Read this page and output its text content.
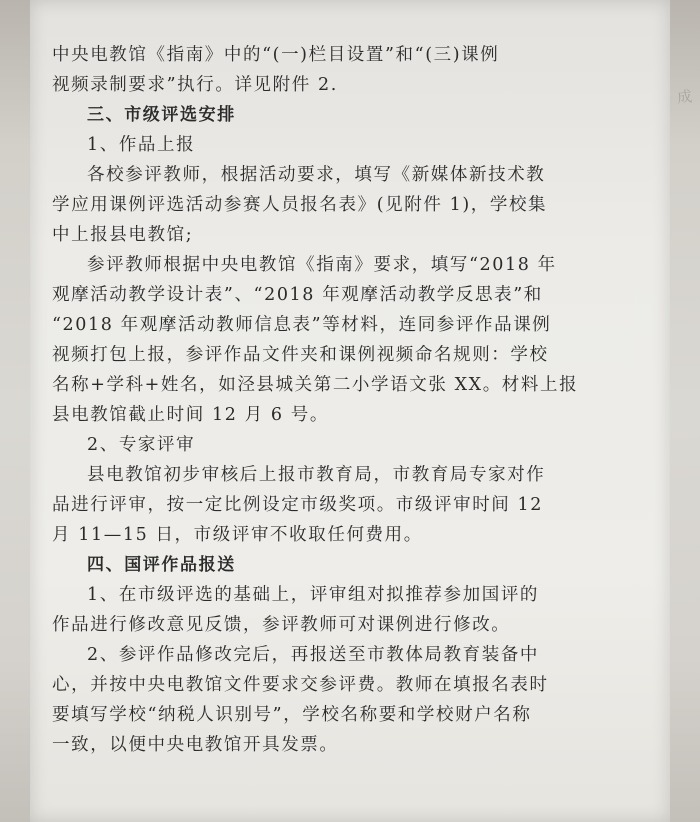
成
中央电教馆《指南》中的“(一)栏目设置”和“(三)课例
视频录制要求”执行。详见附件 2.
三、市级评选安排
1、作品上报
各校参评教师，根据活动要求，填写《新媒体新技术教
学应用课例评选活动参赛人员报名表》(见附件 1)，学校集
中上报县电教馆;
参评教师根据中央电教馆《指南》要求，填写“2018 年
观摩活动教学设计表”、“2018 年观摩活动教学反思表”和
“2018 年观摩活动教师信息表”等材料，连同参评作品课例
视频打包上报，参评作品文件夹和课例视频命名规则：学校
名称+学科+姓名，如泾县城关第二小学语文张 XX。材料上报
县电教馆截止时间 12 月 6 号。
2、专家评审
县电教馆初步审核后上报市教育局，市教育局专家对作
品进行评审，按一定比例设定市级奖项。市级评审时间 12
月 11—15 日，市级评审不收取任何费用。
四、国评作品报送
1、在市级评选的基础上，评审组对拟推荐参加国评的
作品进行修改意见反馈，参评教师可对课例进行修改。
2、参评作品修改完后，再报送至市教体局教育装备中
心，并按中央电教馆文件要求交参评费。教师在填报名表时
要填写学校“纳税人识别号”，学校名称要和学校财户名称
一致，以便中央电教馆开具发票。
